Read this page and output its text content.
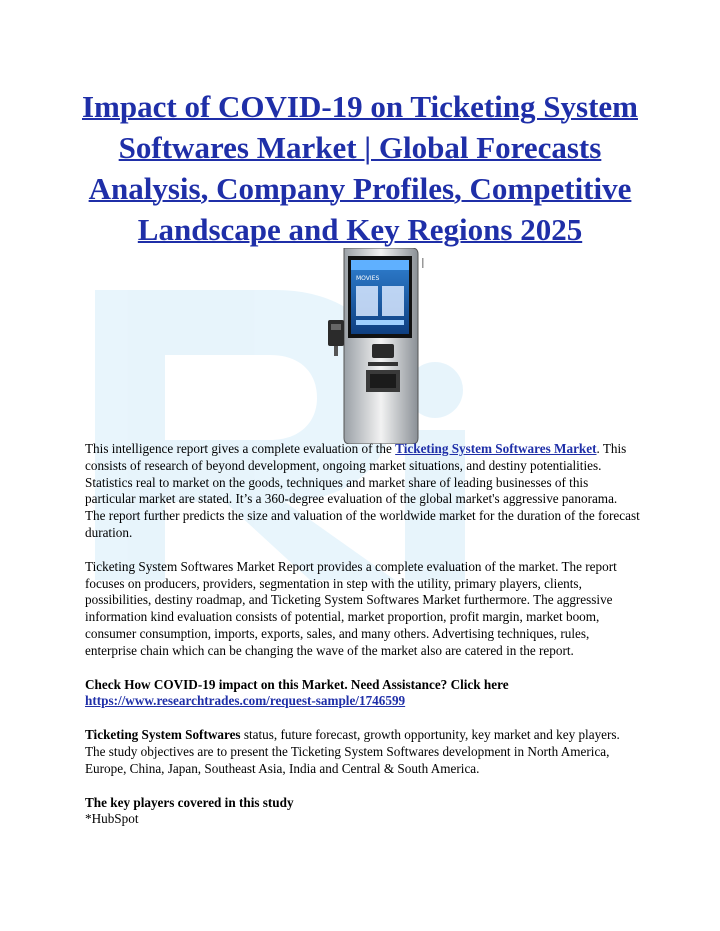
Impact of COVID-19 on Ticketing System Softwares Market | Global Forecasts Analysis, Company Profiles, Competitive Landscape and Key Regions 2025
MOVIES

This intelligence report gives a complete evaluation of the Ticketing System Softwares Market. This consists of research of beyond development, ongoing market situations, and destiny potentialities. Statistics real to market on the goods, techniques and market share of leading businesses of this particular market are stated. It’s a 360-degree evaluation of the global market's aggressive panorama. The report further predicts the size and valuation of the worldwide market for the duration of the forecast duration.

Ticketing System Softwares Market Report provides a complete evaluation of the market. The report focuses on producers, providers, segmentation in step with the utility, primary players, clients, possibilities, destiny roadmap, and Ticketing System Softwares Market furthermore. The aggressive information kind evaluation consists of potential, market proportion, profit margin, market boom, consumer consumption, imports, exports, sales, and many others. Advertising techniques, rules, enterprise chain which can be changing the wave of the market also are catered in the report.

Check How COVID-19 impact on this Market. Need Assistance? Click here
https://www.researchtrades.com/request-sample/1746599

Ticketing System Softwares status, future forecast, growth opportunity, key market and key players. The study objectives are to present the Ticketing System Softwares development in North America, Europe, China, Japan, Southeast Asia, India and Central & South America.

The key players covered in this study
*HubSpot
